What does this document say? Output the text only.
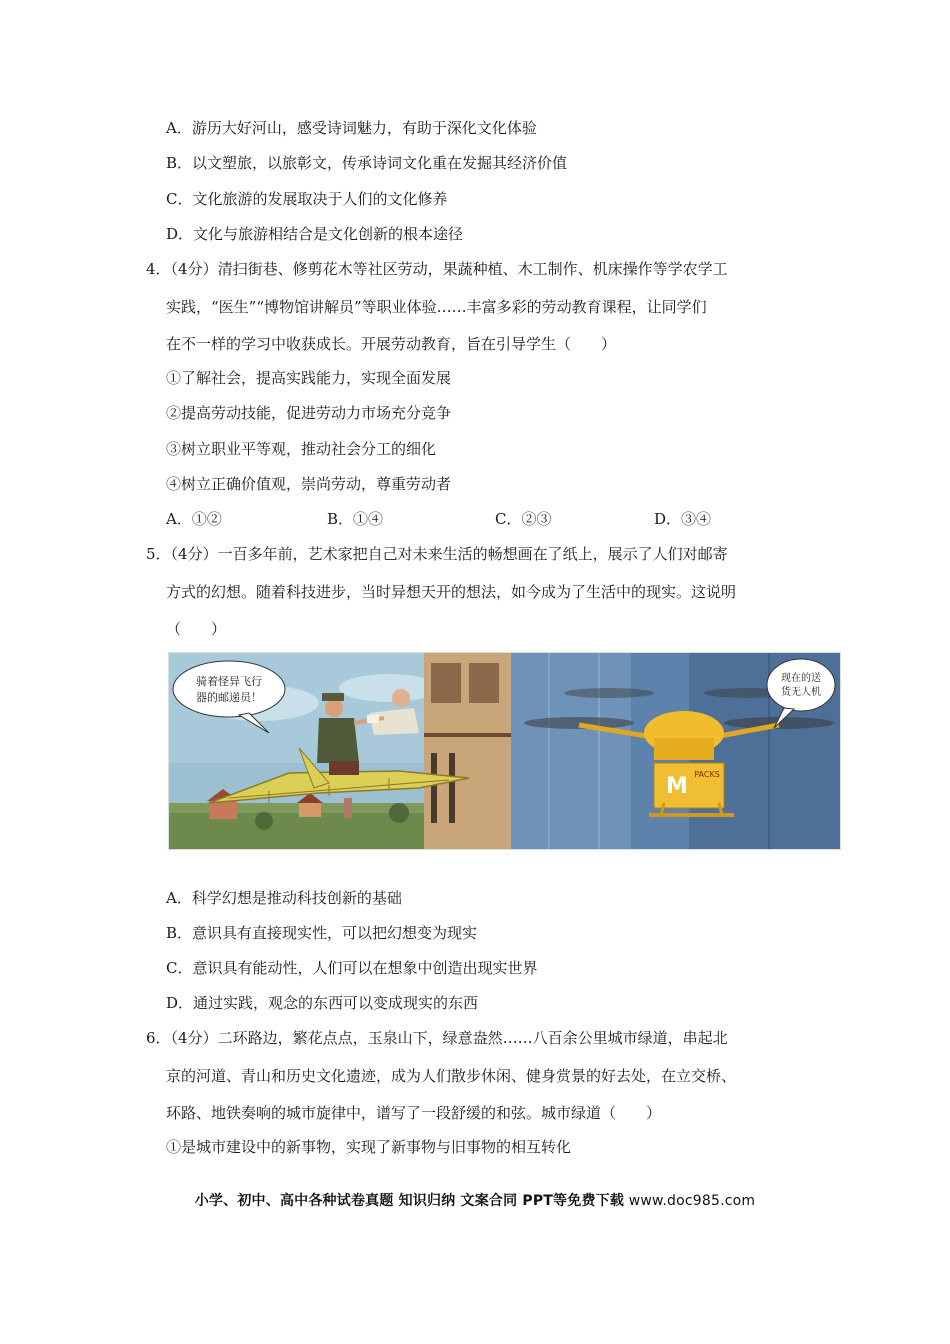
A．游历大好河山，感受诗词魅力，有助于深化文化体验
B．以文塑旅，以旅彰文，传承诗词文化重在发掘其经济价值
C．文化旅游的发展取决于人们的文化修养
D．文化与旅游相结合是文化创新的根本途径
4．（4分）清扫街巷、修剪花木等社区劳动，果蔬种植、木工制作、机床操作等学农学工
实践，“医生”“博物馆讲解员”等职业体验……丰富多彩的劳动教育课程，让同学们
在不一样的学习中收获成长。开展劳动教育，旨在引导学生（　　）
①了解社会，提高实践能力，实现全面发展
②提高劳动技能，促进劳动力市场充分竞争
③树立职业平等观，推动社会分工的细化
④树立正确价值观，崇尚劳动，尊重劳动者
A．①②	B．①④	C．②③	D．③④
5．（4分）一百多年前，艺术家把自己对未来生活的畅想画在了纸上，展示了人们对邮寄
方式的幻想。随着科技进步，当时异想天开的想法，如今成为了生活中的现实。这说明
（　　）
骑着怪异飞行
器的邮递员！
M PACKS
现在的送
货无人机
A．科学幻想是推动科技创新的基础
B．意识具有直接现实性，可以把幻想变为现实
C．意识具有能动性，人们可以在想象中创造出现实世界
D．通过实践，观念的东西可以变成现实的东西
6．（4分）二环路边，繁花点点，玉泉山下，绿意盎然……八百余公里城市绿道，串起北
京的河道、青山和历史文化遗迹，成为人们散步休闲、健身赏景的好去处，在立交桥、
环路、地铁奏响的城市旋律中，谱写了一段舒缓的和弦。城市绿道（　　）
①是城市建设中的新事物，实现了新事物与旧事物的相互转化
小学、初中、高中各种试卷真题 知识归纳 文案合同 PPT等免费下载 www.doc985.com
